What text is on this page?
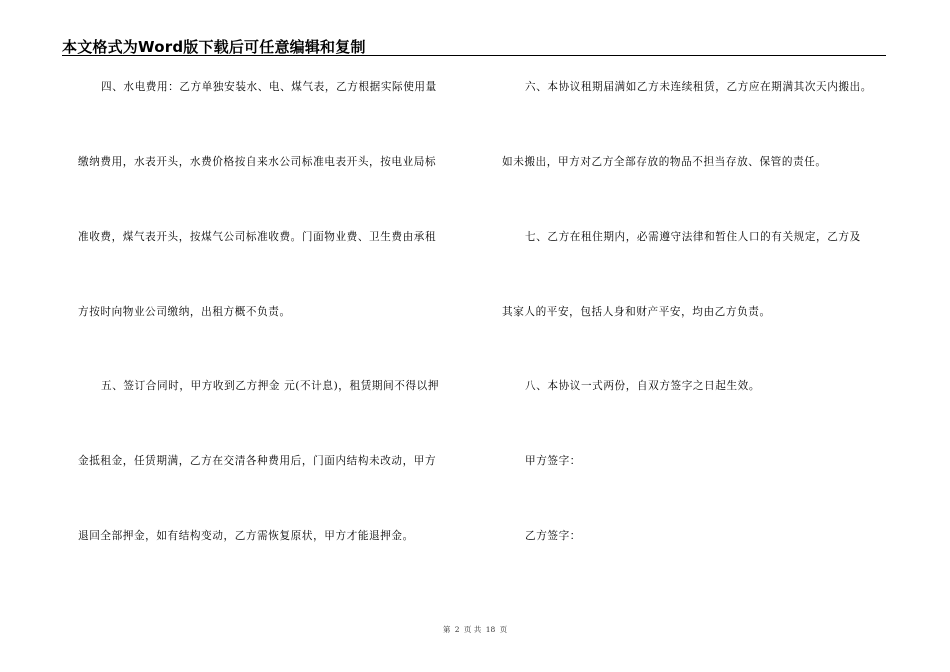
本文格式为Word版下载后可任意编辑和复制
四、水电费用：乙方单独安装水、电、煤气表，乙方根据实际使用量
缴纳费用，水表开头，水费价格按自来水公司标准电表开头，按电业局标
准收费，煤气表开头，按煤气公司标准收费。门面物业费、卫生费由承租
方按时向物业公司缴纳，出租方概不负责。
五、签订合同时，甲方收到乙方押金 元(不计息)，租赁期间不得以押
金抵租金，任赁期满，乙方在交清各种费用后，门面内结构未改动，甲方
退回全部押金，如有结构变动，乙方需恢复原状，甲方才能退押金。
六、本协议租期届满如乙方未连续租赁，乙方应在期满其次天内搬出。
如未搬出，甲方对乙方全部存放的物品不担当存放、保管的责任。
七、乙方在租住期内，必需遵守法律和暂住人口的有关规定，乙方及
其家人的平安，包括人身和财产平安，均由乙方负责。
八、本协议一式两份，自双方签字之日起生效。
甲方签字：
乙方签字：
第 2 页 共 18 页
